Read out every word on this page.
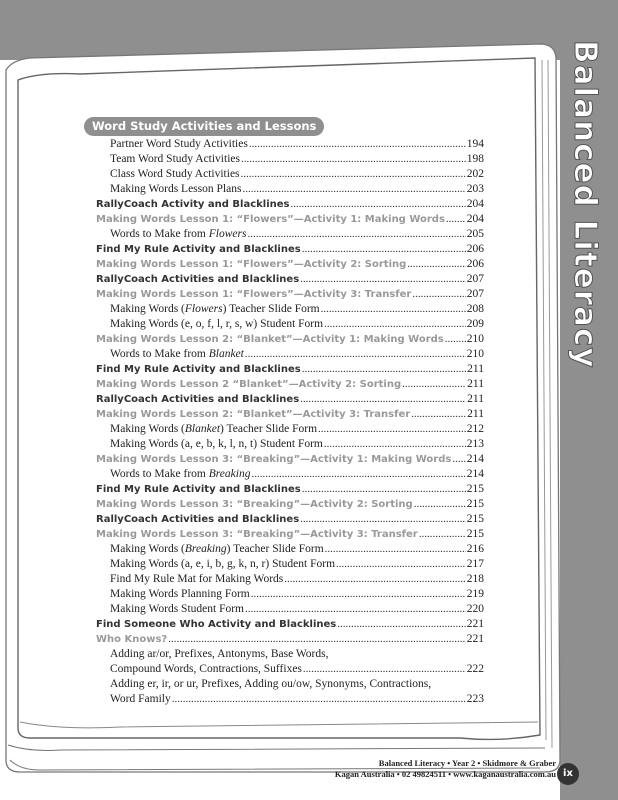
Balanced Literacy
Word Study Activities and Lessons
Partner Word Study Activities .....	194
Team Word Study Activities .....	198
Class Word Study Activities .....	202
Making Words Lesson Plans .....	203
RallyCoach Activity and Blacklines .....	204
Making Words Lesson 1: “Flowers”—Activity 1: Making Words ..... 204
Words to Make from Flowers .....	205
Find My Rule Activity and Blacklines .....	206
Making Words Lesson 1: “Flowers”—Activity 2: Sorting .....	206
RallyCoach Activities and Blacklines .....	207
Making Words Lesson 1: “Flowers”—Activity 3: Transfer .....	207
Making Words (Flowers) Teacher Slide Form .....	208
Making Words (e, o, f, l, r, s, w) Student Form .....	209
Making Words Lesson 2: “Blanket”—Activity 1: Making Words ..... 210
Words to Make from Blanket .....	210
Find My Rule Activity and Blacklines .....	211
Making Words Lesson 2 “Blanket”—Activity 2: Sorting .....	211
RallyCoach Activities and Blacklines .....	211
Making Words Lesson 2: “Blanket”—Activity 3: Transfer .....	211
Making Words (Blanket) Teacher Slide Form .....	212
Making Words (a, e, b, k, l, n, t) Student Form .....	213
Making Words Lesson 3: “Breaking”—Activity 1: Making Words ..... 214
Words to Make from Breaking .....	214
Find My Rule Activity and Blacklines .....	215
Making Words Lesson 3: “Breaking”—Activity 2: Sorting .....	215
RallyCoach Activities and Blacklines .....	215
Making Words Lesson 3: “Breaking”—Activity 3: Transfer .....	215
Making Words (Breaking) Teacher Slide Form .....	216
Making Words (a, e, i, b, g, k, n, r) Student Form .....	217
Find My Rule Mat for Making Words .....	218
Making Words Planning Form .....	219
Making Words Student Form .....	220
Find Someone Who Activity and Blacklines .....	221
Who Knows? .....	221
Adding ar/or, Prefixes, Antonyms, Base Words,
Compound Words, Contractions, Suffixes .....	222
Adding er, ir, or ur, Prefixes, Adding ou/ow, Synonyms, Contractions,
Word Family .....	223
Balanced Literacy • Year 2 • Skidmore & Graber
Kagan Australia • 02 49824511 • www.kaganaustralia.com.au ix
